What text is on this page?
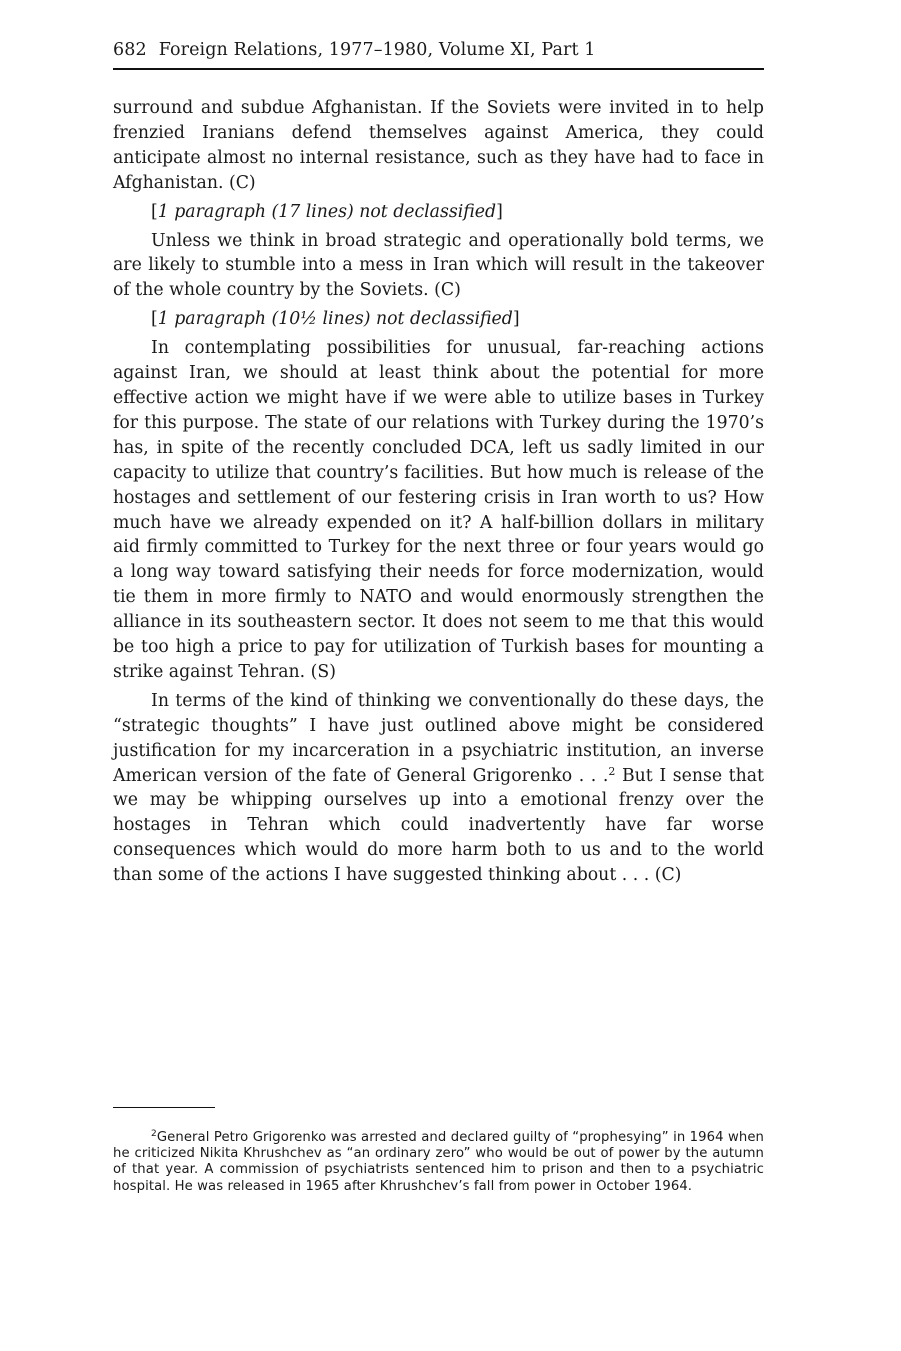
682 Foreign Relations, 1977–1980, Volume XI, Part 1

surround and subdue Afghanistan. If the Soviets were invited in to help frenzied Iranians defend themselves against America, they could anticipate almost no internal resistance, such as they have had to face in Afghanistan. (C)

[1 paragraph (17 lines) not declassified]

Unless we think in broad strategic and operationally bold terms, we are likely to stumble into a mess in Iran which will result in the takeover of the whole country by the Soviets. (C)

[1 paragraph (10½ lines) not declassified]

In contemplating possibilities for unusual, far-reaching actions against Iran, we should at least think about the potential for more effective action we might have if we were able to utilize bases in Turkey for this purpose. The state of our relations with Turkey during the 1970’s has, in spite of the recently concluded DCA, left us sadly limited in our capacity to utilize that country’s facilities. But how much is release of the hostages and settlement of our festering crisis in Iran worth to us? How much have we already expended on it? A half-billion dollars in military aid firmly committed to Turkey for the next three or four years would go a long way toward satisfying their needs for force modernization, would tie them in more firmly to NATO and would enormously strengthen the alliance in its southeastern sector. It does not seem to me that this would be too high a price to pay for utilization of Turkish bases for mounting a strike against Tehran. (S)

In terms of the kind of thinking we conventionally do these days, the “strategic thoughts” I have just outlined above might be considered justification for my incarceration in a psychiatric institution, an inverse American version of the fate of General Grigorenko . . .$^2$ But I sense that we may be whipping ourselves up into a emotional frenzy over the hostages in Tehran which could inadvertently have far worse consequences which would do more harm both to us and to the world than some of the actions I have suggested thinking about . . . (C)

$^2$General Petro Grigorenko was arrested and declared guilty of “prophesying” in 1964 when he criticized Nikita Khrushchev as “an ordinary zero” who would be out of power by the autumn of that year. A commission of psychiatrists sentenced him to prison and then to a psychiatric hospital. He was released in 1965 after Khrushchev’s fall from power in October 1964.
